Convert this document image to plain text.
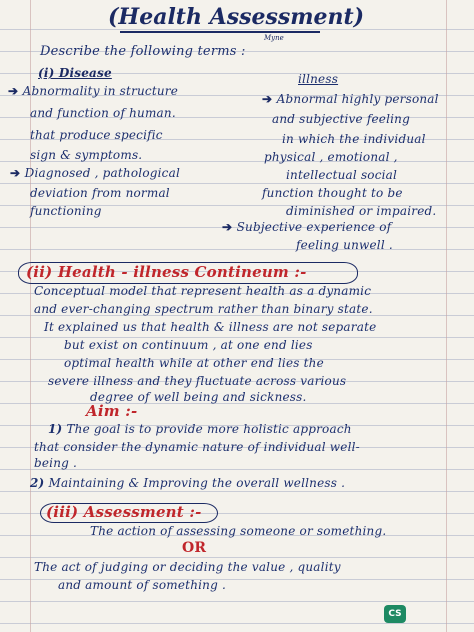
(Health Assessment)
Myne
Describe the following terms :
(i) Disease
➔ Abnormality in structure
and function of human.
that produce specific
sign & symptoms.
➔ Diagnosed , pathological
deviation from normal
functioning
illness
➔ Abnormal highly personal
and subjective feeling
in which the individual
physical , emotional ,
intellectual social
function thought to be
diminished or impaired.
➔ Subjective experience of
feeling unwell .
(ii) Health - illness Contineum :-
Conceptual model that represent health as a dynamic
and ever-changing spectrum rather than binary state.
It explained us that health & illness are not separate
but exist on continuum , at one end lies
optimal health while at other end lies the
severe illness and they fluctuate across various
degree of well being and sickness.
Aim :-
1) The goal is to provide more holistic approach
that consider the dynamic nature of individual well-
being .
2) Maintaining & Improving the overall wellness .
(iii) Assessment :-
The action of assessing someone or something.
OR
The act of judging or deciding the value , quality
and amount of something .
CS
